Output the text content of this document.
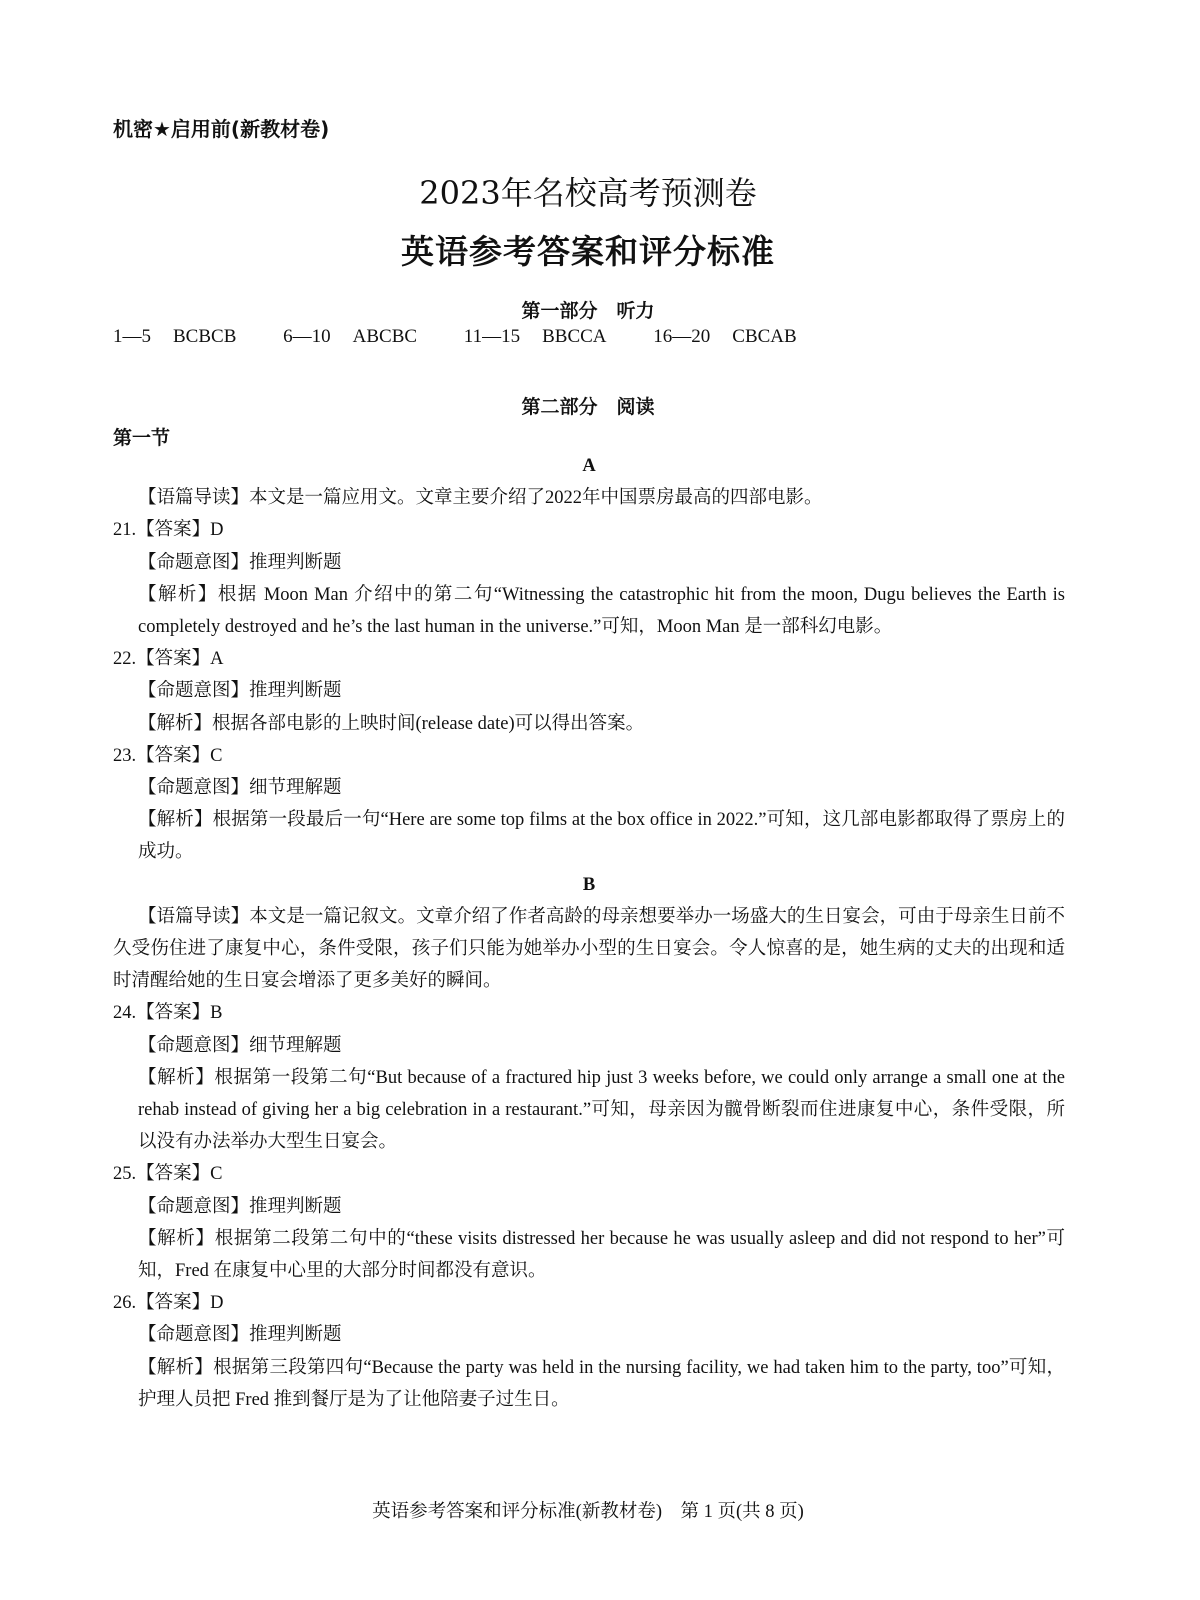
机密★启用前(新教材卷)
2023年名校高考预测卷
英语参考答案和评分标准
第一部分　听力
1—5 BCBCB 6—10 ABCBC 11—15 BBCCA 16—20 CBCAB
第二部分　阅读
第一节

A

【语篇导读】本文是一篇应用文。文章主要介绍了2022年中国票房最高的四部电影。

21.【答案】D

【命题意图】推理判断题

【解析】根据 Moon Man 介绍中的第二句“Witnessing the catastrophic hit from the moon, Dugu believes the Earth is completely destroyed and he’s the last human in the universe.”可知，Moon Man 是一部科幻电影。

22.【答案】A

【命题意图】推理判断题

【解析】根据各部电影的上映时间(release date)可以得出答案。

23.【答案】C

【命题意图】细节理解题

【解析】根据第一段最后一句“Here are some top films at the box office in 2022.”可知，这几部电影都取得了票房上的成功。

B

【语篇导读】本文是一篇记叙文。文章介绍了作者高龄的母亲想要举办一场盛大的生日宴会，可由于母亲生日前不久受伤住进了康复中心，条件受限，孩子们只能为她举办小型的生日宴会。令人惊喜的是，她生病的丈夫的出现和适时清醒给她的生日宴会增添了更多美好的瞬间。

24.【答案】B

【命题意图】细节理解题

【解析】根据第一段第二句“But because of a fractured hip just 3 weeks before, we could only arrange a small one at the rehab instead of giving her a big celebration in a restaurant.”可知，母亲因为髋骨断裂而住进康复中心，条件受限，所以没有办法举办大型生日宴会。

25.【答案】C

【命题意图】推理判断题

【解析】根据第二段第二句中的“these visits distressed her because he was usually asleep and did not respond to her”可知，Fred 在康复中心里的大部分时间都没有意识。

26.【答案】D

【命题意图】推理判断题

【解析】根据第三段第四句“Because the party was held in the nursing facility, we had taken him to the party, too”可知，护理人员把 Fred 推到餐厅是为了让他陪妻子过生日。

英语参考答案和评分标准(新教材卷)　第 1 页(共 8 页)
